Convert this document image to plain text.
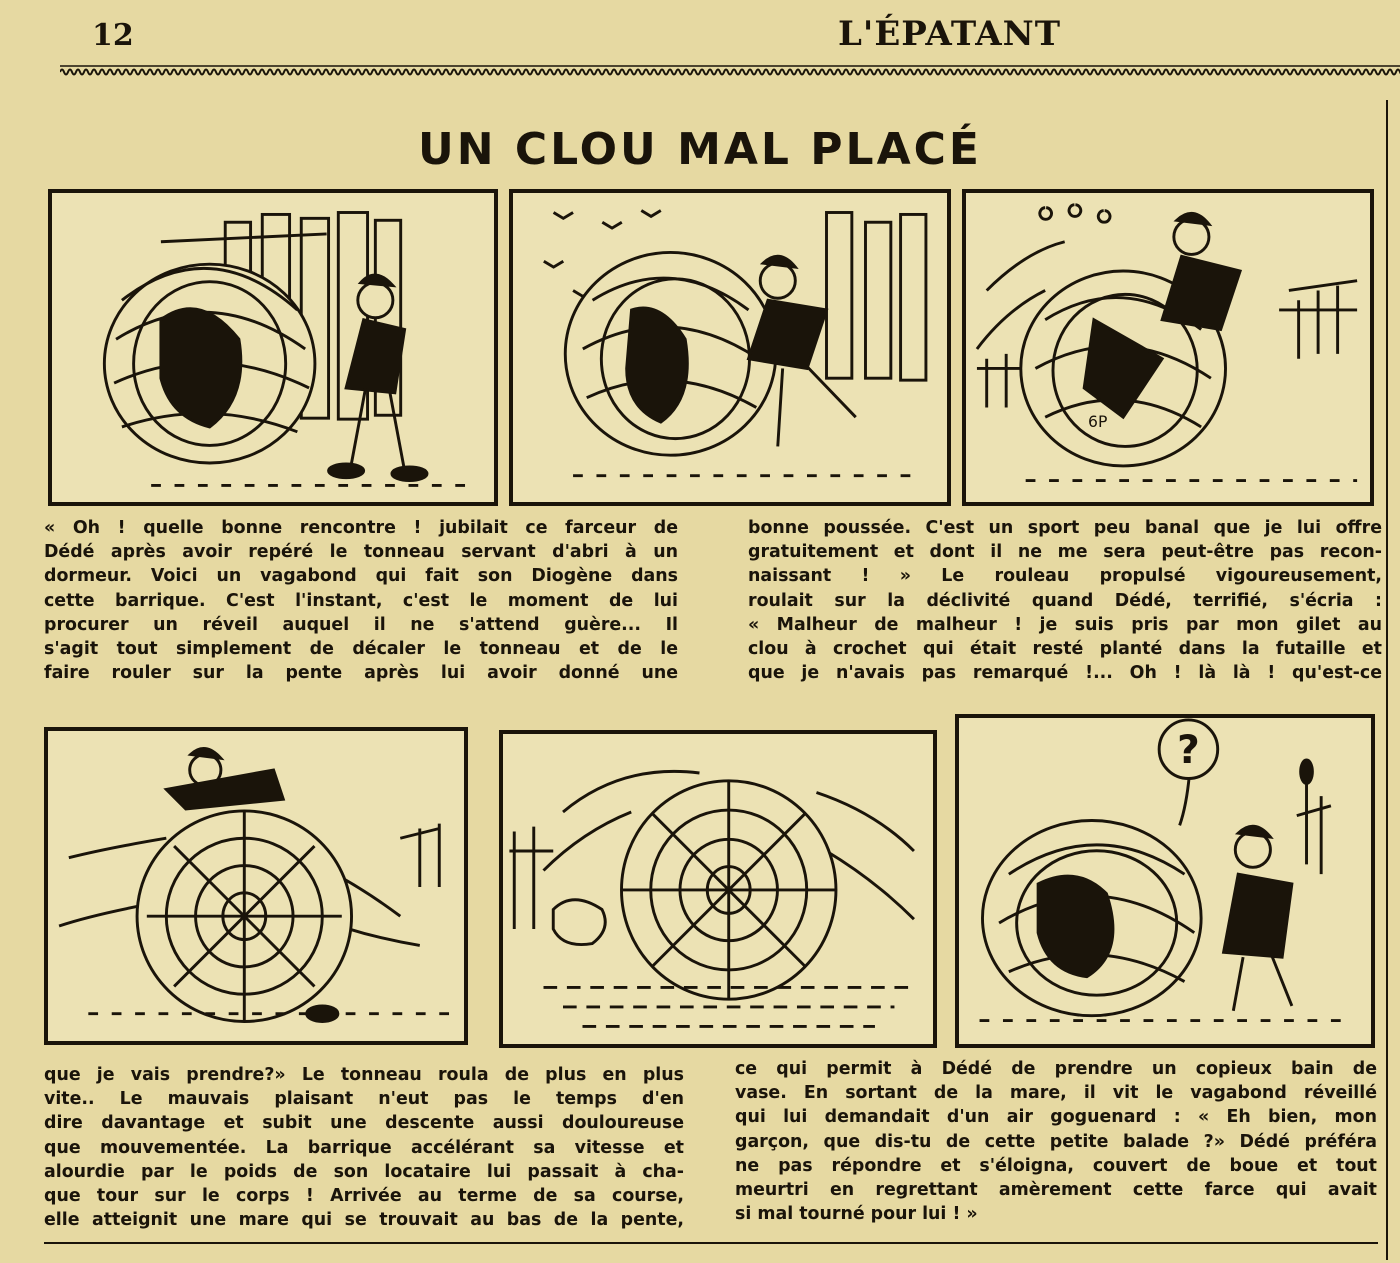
12	L'ÉPATANT
UN CLOU MAL PLACÉ
6P

« Oh ! quelle bonne rencontre ! jubilait ce farceur de
Dédé après avoir repéré le tonneau servant d'abri à un
dormeur. Voici un vagabond qui fait son Diogène dans
cette barrique. C'est l'instant, c'est le moment de lui
procurer un réveil auquel il ne s'attend guère... Il
s'agit tout simplement de décaler le tonneau et de le
faire rouler sur la pente après lui avoir donné une

bonne poussée. C'est un sport peu banal que je lui offre
gratuitement et dont il ne me sera peut-être pas recon-
naissant ! » Le rouleau propulsé vigoureusement,
roulait sur la déclivité quand Dédé, terrifié, s'écria :
« Malheur de malheur ! je suis pris par mon gilet au
clou à crochet qui était resté planté dans la futaille et
que je n'avais pas remarqué !... Oh ! là là ! qu'est-ce

?

que je vais prendre?» Le tonneau roula de plus en plus
vite.. Le mauvais plaisant n'eut pas le temps d'en
dire davantage et subit une descente aussi douloureuse
que mouvementée. La barrique accélérant sa vitesse et
alourdie par le poids de son locataire lui passait à cha-
que tour sur le corps ! Arrivée au terme de sa course,
elle atteignit une mare qui se trouvait au bas de la pente,

ce qui permit à Dédé de prendre un copieux bain de
vase. En sortant de la mare, il vit le vagabond réveillé
qui lui demandait d'un air goguenard : « Eh bien, mon
garçon, que dis-tu de cette petite balade ?» Dédé préféra
ne pas répondre et s'éloigna, couvert de boue et tout
meurtri en regrettant amèrement cette farce qui avait
si mal tourné pour lui ! »
